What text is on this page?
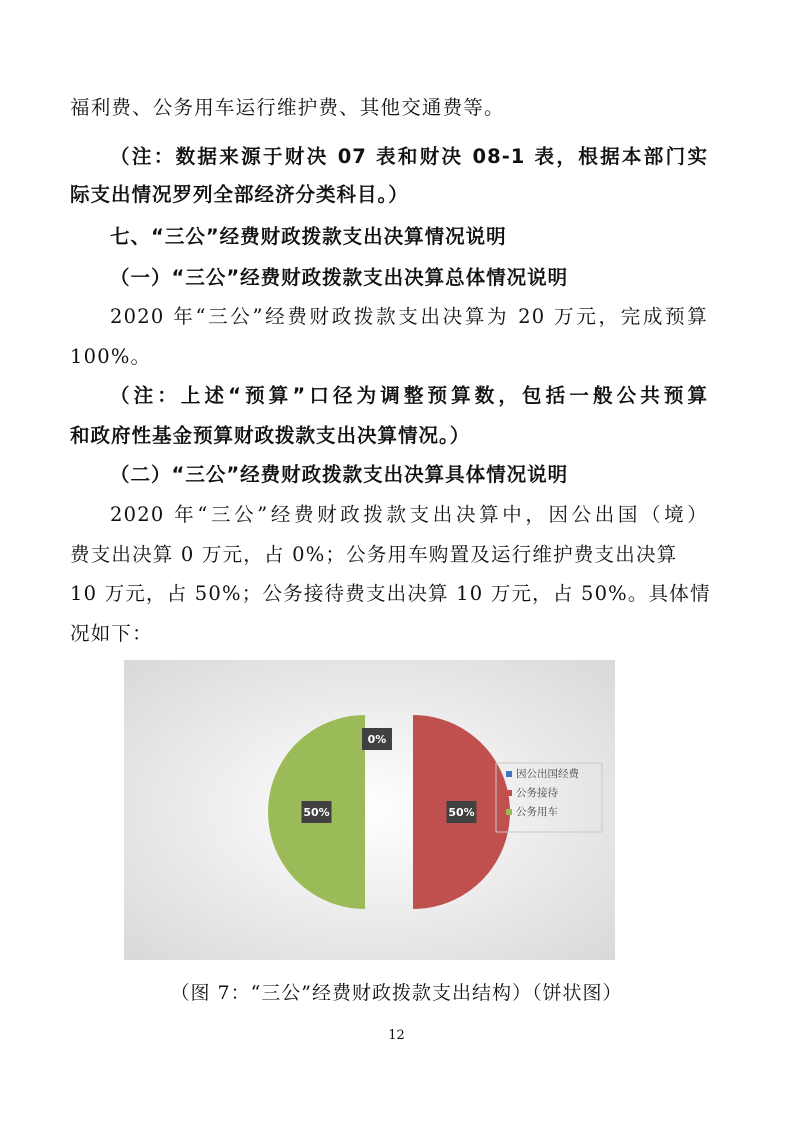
福利费、公务用车运行维护费、其他交通费等。
（注：数据来源于财决 07 表和财决 08-1 表，根据本部门实
际支出情况罗列全部经济分类科目。）
七、“三公”经费财政拨款支出决算情况说明
（一）“三公”经费财政拨款支出决算总体情况说明
2020 年“三公”经费财政拨款支出决算为 20 万元，完成预算
100%。
（注：上述“预算”口径为调整预算数，包括一般公共预算
和政府性基金预算财政拨款支出决算情况。）
（二）“三公”经费财政拨款支出决算具体情况说明
2020 年“三公”经费财政拨款支出决算中，因公出国（境）
费支出决算 0 万元，占 0%；公务用车购置及运行维护费支出决算
10 万元，占 50%；公务接待费支出决算 10 万元，占 50%。具体情
况如下：
0%
50%
50%
因公出国经费
公务接待
公务用车
（图 7：“三公”经费财政拨款支出结构）（饼状图）
12
